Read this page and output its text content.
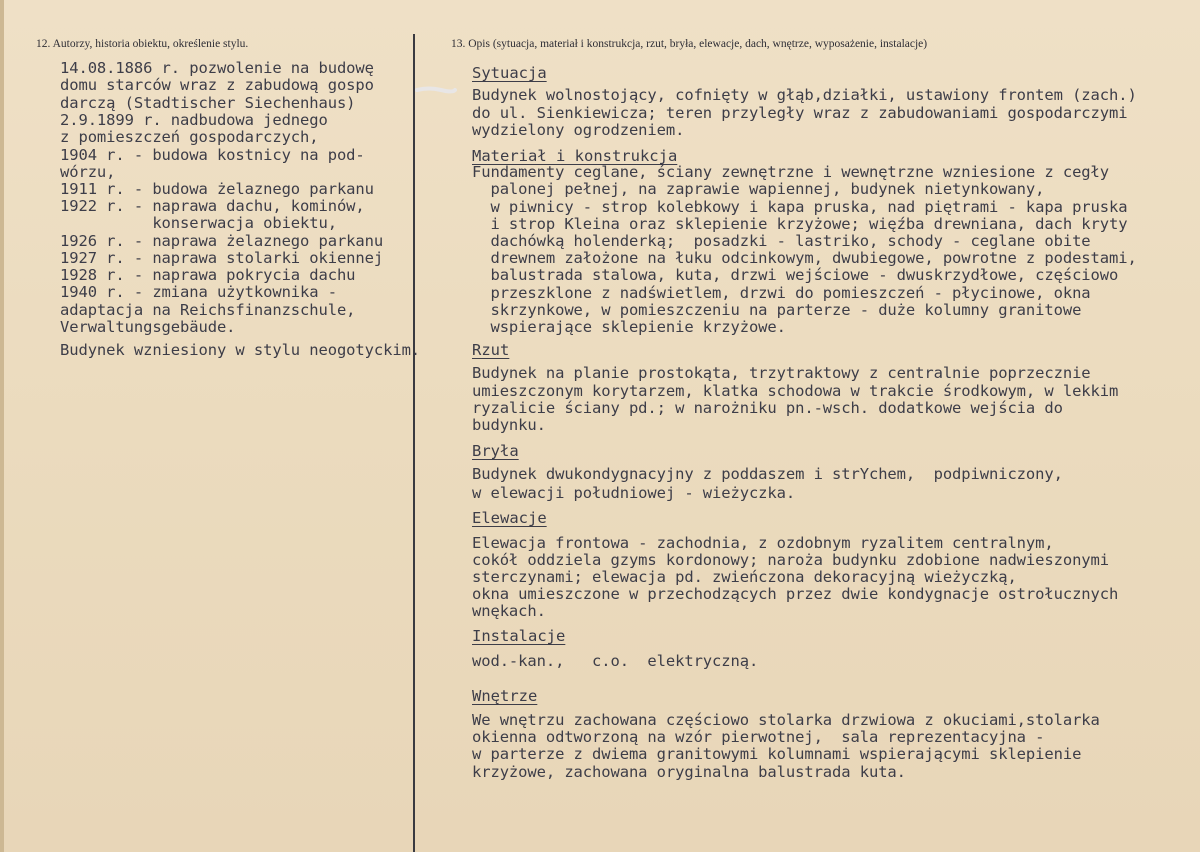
12. Autorzy, historia obiektu, określenie stylu.	13. Opis (sytuacja, materiał i konstrukcja, rzut, bryła, elewacje, dach, wnętrze, wyposażenie, instalacje)
14.08.1886 r. pozwolenie na budowę
domu starców wraz z zabudową gospo
darczą (Stadtischer Siechenhaus)
2.9.1899 r. nadbudowa jednego
z pomieszczeń gospodarczych,
1904 r. - budowa kostnicy na pod-
wórzu,
1911 r. - budowa żelaznego parkanu
1922 r. - naprawa dachu, kominów,
konserwacja obiektu,
1926 r. - naprawa żelaznego parkanu
1927 r. - naprawa stolarki okiennej
1928 r. - naprawa pokrycia dachu
1940 r. - zmiana użytkownika -
adaptacja na Reichsfinanzschule,
Verwaltungsgebäude.
Budynek wzniesiony w stylu neogotyckim.
Sytuacja
Budynek wolnostojący, cofnięty w głąb,działki, ustawiony frontem (zach.)
do ul. Sienkiewicza; teren przyległy wraz z zabudowaniami gospodarczymi
wydzielony ogrodzeniem.
Materiał i konstrukcja
Fundamenty ceglane, ściany zewnętrzne i wewnętrzne wzniesione z cegły
palonej pełnej, na zaprawie wapiennej, budynek nietynkowany,
w piwnicy - strop kolebkowy i kapa pruska, nad piętrami - kapa pruska
i strop Kleina oraz sklepienie krzyżowe; więźba drewniana, dach kryty
dachówką holenderką;  posadzki - lastriko, schody - ceglane obite
drewnem założone na łuku odcinkowym, dwubiegowe, powrotne z podestami,
balustrada stalowa, kuta, drzwi wejściowe - dwuskrzydłowe, częściowo
przeszklone z nadświetlem, drzwi do pomieszczeń - płycinowe, okna
skrzynkowe, w pomieszczeniu na parterze - duże kolumny granitowe
wspierające sklepienie krzyżowe.
Rzut
Budynek na planie prostokąta, trzytraktowy z centralnie poprzecznie
umieszczonym korytarzem, klatka schodowa w trakcie środkowym, w lekkim
ryzalicie ściany pd.; w narożniku pn.-wsch. dodatkowe wejścia do
budynku.
Bryła
Budynek dwukondygnacyjny z poddaszem i strYchem,  podpiwniczony,
w elewacji południowej - wieżyczka.
Elewacje
Elewacja frontowa - zachodnia, z ozdobnym ryzalitem centralnym,
cokół oddziela gzyms kordonowy; naroża budynku zdobione nadwieszonymi
sterczynami; elewacja pd. zwieńczona dekoracyjną wieżyczką,
okna umieszczone w przechodzących przez dwie kondygnacje ostrołucznych
wnękach.
Instalacje
wod.-kan.,   c.o.  elektryczną.
Wnętrze
We wnętrzu zachowana częściowo stolarka drzwiowa z okuciami,stolarka
okienna odtworzoną na wzór pierwotnej,  sala reprezentacyjna -
w parterze z dwiema granitowymi kolumnami wspierającymi sklepienie
krzyżowe, zachowana oryginalna balustrada kuta.
